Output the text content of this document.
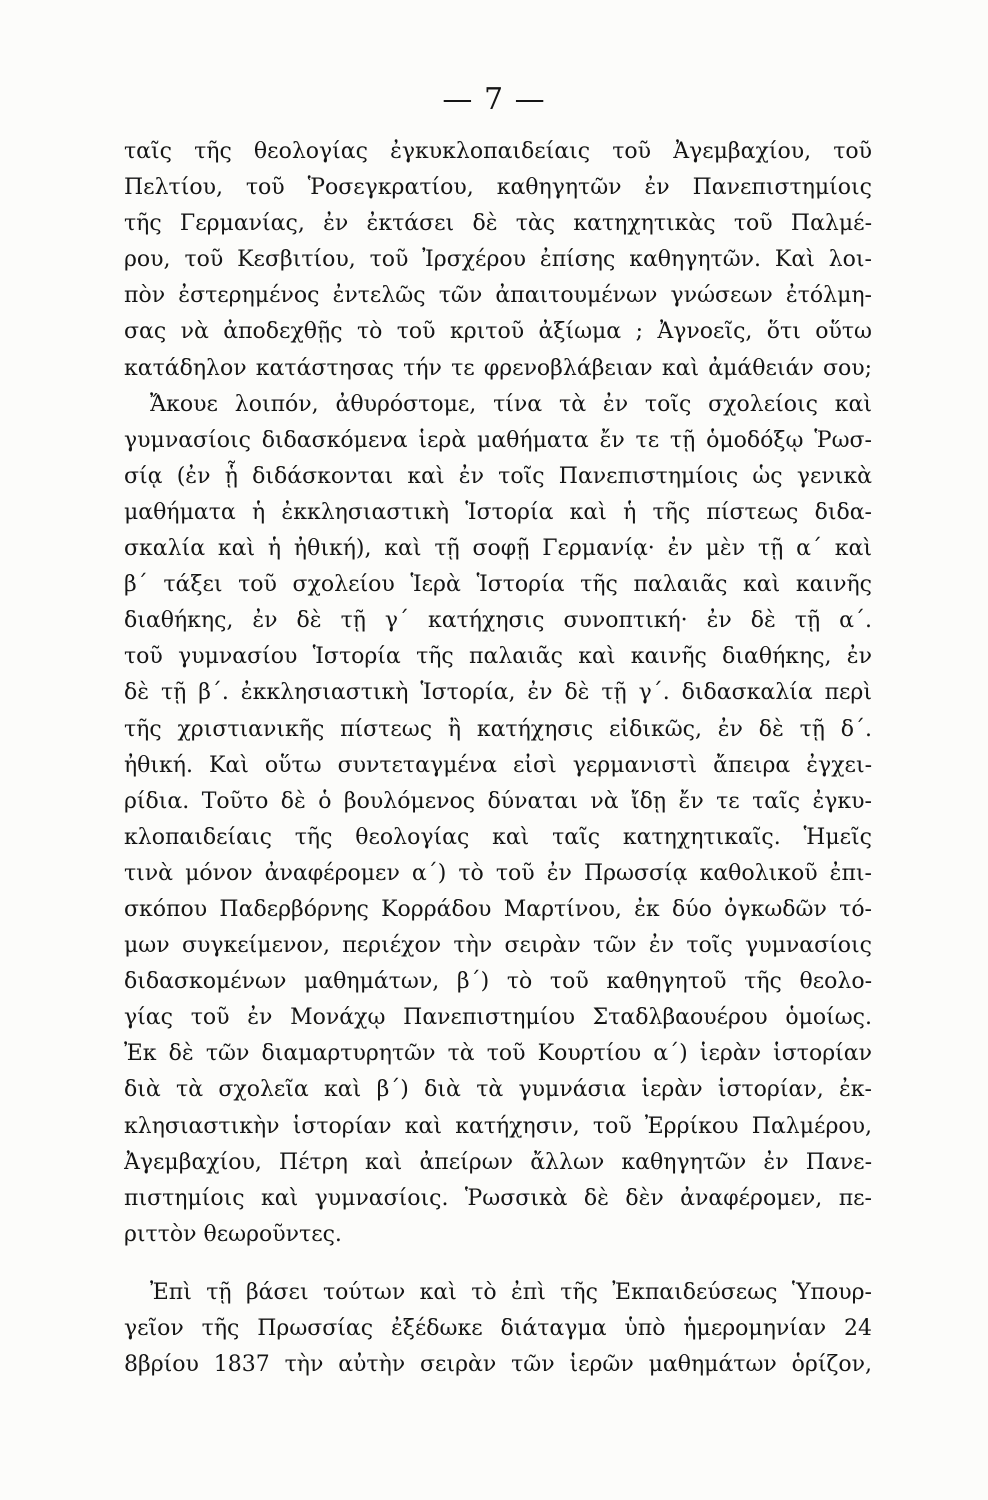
— 7 —
ταῖς τῆς θεολογίας ἐγκυκλοπαιδείαις τοῦ Ἀγεμβαχίου, τοῦ
Πελτίου, τοῦ Ῥοσεγκρατίου, καθηγητῶν ἐν Πανεπιστημίοις
τῆς Γερμανίας, ἐν ἐκτάσει δὲ τὰς κατηχητικὰς τοῦ Παλμέ-
ρου, τοῦ Κεσβιτίου, τοῦ Ἰρσχέρου ἐπίσης καθηγητῶν. Καὶ λοι-
πὸν ἐστερημένος ἐντελῶς τῶν ἀπαιτουμένων γνώσεων ἐτόλμη-
σας νὰ ἀποδεχθῇς τὸ τοῦ κριτοῦ ἀξίωμα ; Ἀγνοεῖς, ὅτι οὕτω
κατάδηλον κατάστησας τήν τε φρενοβλάβειαν καὶ ἀμάθειάν σου;
Ἄκουε λοιπόν, ἀθυρόστομε, τίνα τὰ ἐν τοῖς σχολείοις καὶ
γυμνασίοις διδασκόμενα ἱερὰ μαθήματα ἔν τε τῇ ὁμοδόξῳ Ῥωσ-
σίᾳ (ἐν ᾗ διδάσκονται καὶ ἐν τοῖς Πανεπιστημίοις ὡς γενικὰ
μαθήματα ἡ ἐκκλησιαστικὴ Ἱστορία καὶ ἡ τῆς πίστεως διδα-
σκαλία καὶ ἡ ἠθική), καὶ τῇ σοφῇ Γερμανίᾳ· ἐν μὲν τῇ α΄ καὶ
β΄ τάξει τοῦ σχολείου Ἱερὰ Ἱστορία τῆς παλαιᾶς καὶ καινῆς
διαθήκης, ἐν δὲ τῇ γ΄ κατήχησις συνοπτική· ἐν δὲ τῇ α΄.
τοῦ γυμνασίου Ἱστορία τῆς παλαιᾶς καὶ καινῆς διαθήκης, ἐν
δὲ τῇ β΄. ἐκκλησιαστικὴ Ἱστορία, ἐν δὲ τῇ γ΄. διδασκαλία περὶ
τῆς χριστιανικῆς πίστεως ἢ κατήχησις εἰδικῶς, ἐν δὲ τῇ δ΄.
ἠθική. Καὶ οὕτω συντεταγμένα εἰσὶ γερμανιστὶ ἄπειρα ἐγχει-
ρίδια. Τοῦτο δὲ ὁ βουλόμενος δύναται νὰ ἴδῃ ἔν τε ταῖς ἐγκυ-
κλοπαιδείαις τῆς θεολογίας καὶ ταῖς κατηχητικαῖς. Ἡμεῖς
τινὰ μόνον ἀναφέρομεν α΄) τὸ τοῦ ἐν Πρωσσίᾳ καθολικοῦ ἐπι-
σκόπου Παδερβόρνης Κορράδου Μαρτίνου, ἐκ δύο ὀγκωδῶν τό-
μων συγκείμενον, περιέχον τὴν σειρὰν τῶν ἐν τοῖς γυμνασίοις
διδασκομένων μαθημάτων, β΄) τὸ τοῦ καθηγητοῦ τῆς θεολο-
γίας τοῦ ἐν Μονάχῳ Πανεπιστημίου Σταδλβαουέρου ὁμοίως.
Ἐκ δὲ τῶν διαμαρτυρητῶν τὰ τοῦ Κουρτίου α΄) ἱερὰν ἱστορίαν
διὰ τὰ σχολεῖα καὶ β΄) διὰ τὰ γυμνάσια ἱερὰν ἱστορίαν, ἐκ-
κλησιαστικὴν ἱστορίαν καὶ κατήχησιν, τοῦ Ἐρρίκου Παλμέρου,
Ἀγεμβαχίου, Πέτρη καὶ ἀπείρων ἄλλων καθηγητῶν ἐν Πανε-
πιστημίοις καὶ γυμνασίοις. Ῥωσσικὰ δὲ δὲν ἀναφέρομεν, πε-
ριττὸν θεωροῦντες.
Ἐπὶ τῇ βάσει τούτων καὶ τὸ ἐπὶ τῆς Ἐκπαιδεύσεως Ὑπουρ-
γεῖον τῆς Πρωσσίας ἐξέδωκε διάταγμα ὑπὸ ἡμερομηνίαν 24
8βρίου 1837 τὴν αὐτὴν σειρὰν τῶν ἱερῶν μαθημάτων ὁρίζον,
